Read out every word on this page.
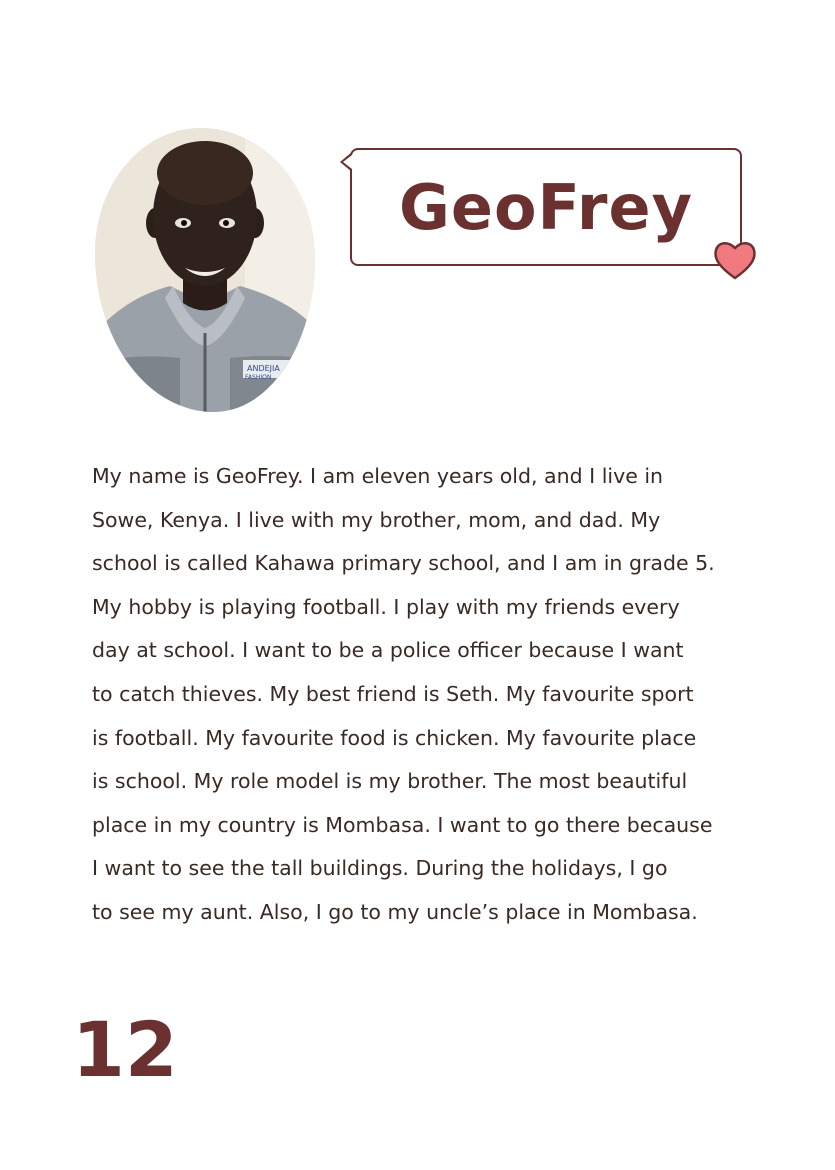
ANDEJIA
FASHION
GeoFrey
My name is GeoFrey. I am eleven years old, and I live in
Sowe, Kenya. I live with my brother, mom, and dad. My
school is called Kahawa primary school, and I am in grade 5.
My hobby is playing football. I play with my friends every
day at school. I want to be a police officer because I want
to catch thieves. My best friend is Seth. My favourite sport
is football. My favourite food is chicken. My favourite place
is school. My role model is my brother. The most beautiful
place in my country is Mombasa. I want to go there because
I want to see the tall buildings. During the holidays, I go
to see my aunt. Also, I go to my uncle’s place in Mombasa.
12
